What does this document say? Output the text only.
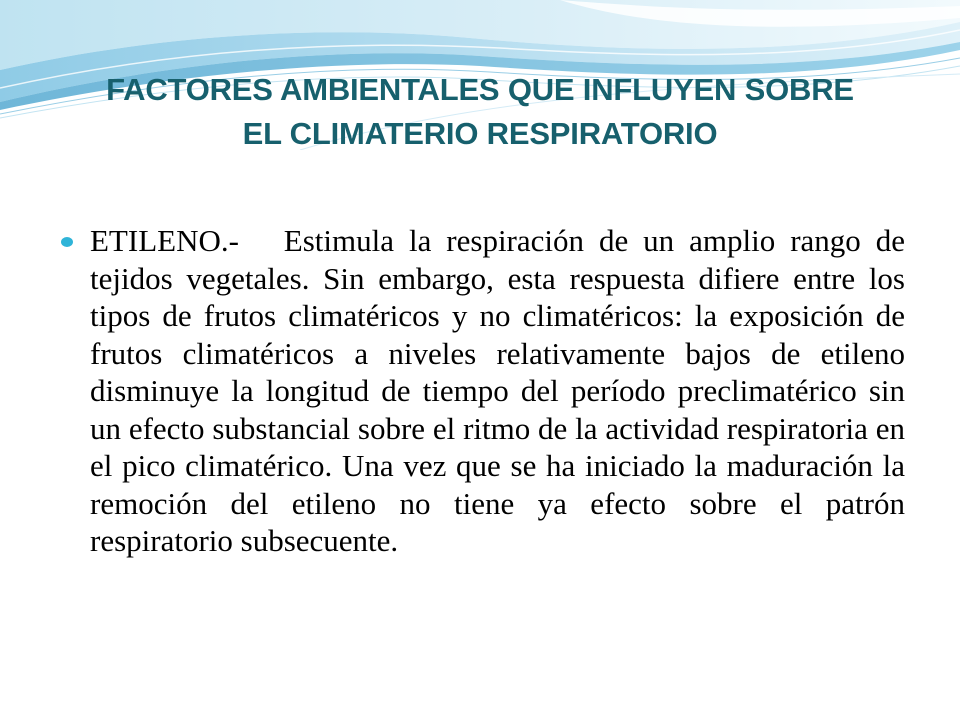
FACTORES AMBIENTALES QUE INFLUYEN SOBRE
EL CLIMATERIO RESPIRATORIO

ETILENO.- Estimula la respiración de un amplio rango de tejidos vegetales. Sin embargo, esta respuesta difiere entre los tipos de frutos climatéricos y no climatéricos: la exposición de frutos climatéricos a niveles relativamente bajos de etileno disminuye la longitud de tiempo del período preclimatérico sin un efecto substancial sobre el ritmo de la actividad respiratoria en el pico climatérico. Una vez que se ha iniciado la maduración la remoción del etileno no tiene ya efecto sobre el patrón respiratorio subsecuente.
